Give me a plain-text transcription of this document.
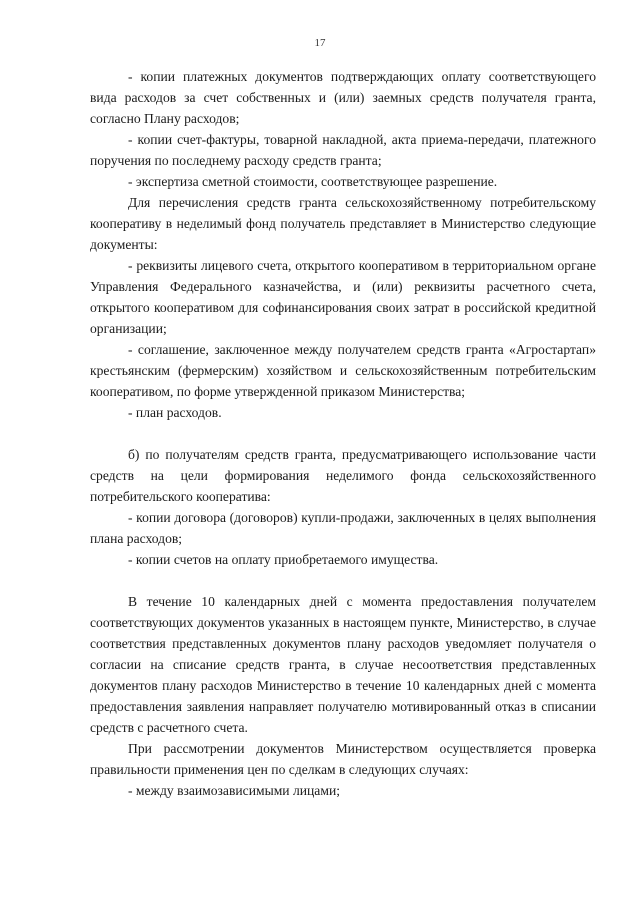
17

- копии платежных документов подтверждающих оплату соответствующего вида расходов за счет собственных и (или) заемных средств получателя гранта, согласно Плану расходов;

- копии счет-фактуры, товарной накладной, акта приема-передачи, платежного поручения по последнему расходу средств гранта;

- экспертиза сметной стоимости, соответствующее разрешение.

Для перечисления средств гранта сельскохозяйственному потребительскому кооперативу в неделимый фонд получатель представляет в Министерство следующие документы:

- реквизиты лицевого счета, открытого кооперативом в территориальном органе Управления Федерального казначейства, и (или) реквизиты расчетного счета, открытого кооперативом для софинансирования своих затрат в российской кредитной организации;

- соглашение, заключенное между получателем средств гранта «Агростартап» крестьянским (фермерским) хозяйством и сельскохозяйственным потребительским кооперативом, по форме утвержденной приказом Министерства;

- план расходов.

б) по получателям средств гранта, предусматривающего использование части средств на цели формирования неделимого фонда сельскохозяйственного потребительского кооператива:

- копии договора (договоров) купли-продажи, заключенных в целях выполнения плана расходов;

- копии счетов на оплату приобретаемого имущества.

В течение 10 календарных дней с момента предоставления получателем соответствующих документов указанных в настоящем пункте, Министерство, в случае соответствия представленных документов плану расходов уведомляет получателя о согласии на списание средств гранта, в случае несоответствия представленных документов плану расходов Министерство в течение 10 календарных дней с момента предоставления заявления направляет получателю мотивированный отказ в списании средств с расчетного счета.

При рассмотрении документов Министерством осуществляется проверка правильности применения цен по сделкам в следующих случаях:

- между взаимозависимыми лицами;
